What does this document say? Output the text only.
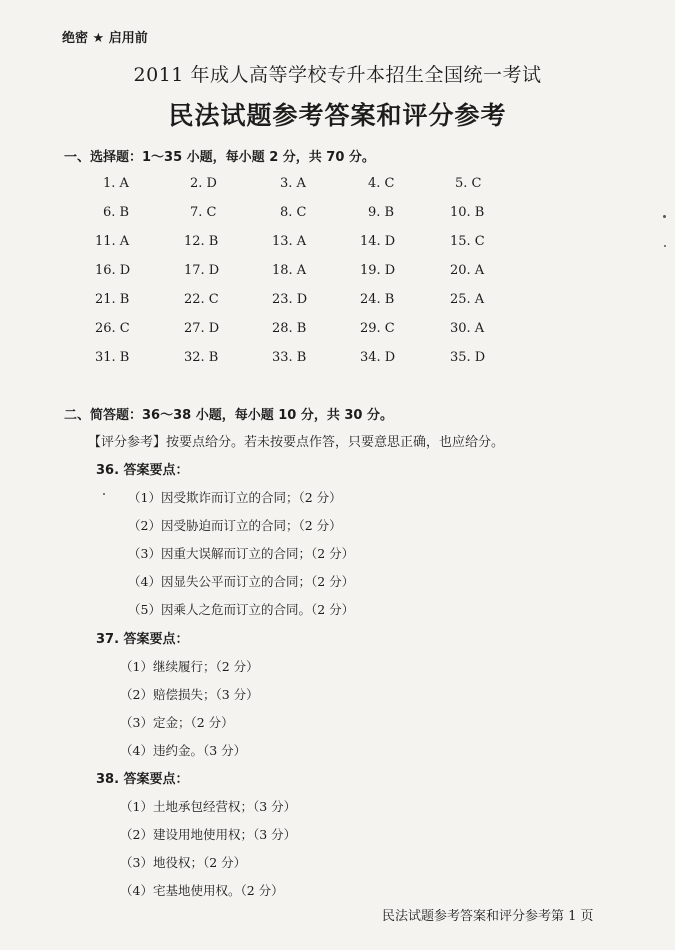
绝密 ★ 启用前
2011 年成人高等学校专升本招生全国统一考试
民法试题参考答案和评分参考
一、选择题：1～35 小题，每小题 2 分，共 70 分。
1. A	2. D	3. A	4. C	5. C
6. B	7. C	8. C	9. B	10. B
11. A	12. B	13. A	14. D	15. C
16. D	17. D	18. A	19. D	20. A
21. B	22. C	23. D	24. B	25. A
26. C	27. D	28. B	29. C	30. A
31. B	32. B	33. B	34. D	35. D
二、简答题：36～38 小题，每小题 10 分，共 30 分。
【评分参考】按要点给分。若未按要点作答，只要意思正确，也应给分。
36. 答案要点：
（1）因受欺诈而订立的合同；（2 分）
（2）因受胁迫而订立的合同；（2 分）
（3）因重大误解而订立的合同；（2 分）
（4）因显失公平而订立的合同；（2 分）
（5）因乘人之危而订立的合同。（2 分）
37. 答案要点：
（1）继续履行；（2 分）
（2）赔偿损失；（3 分）
（3）定金；（2 分）
（4）违约金。（3 分）
38. 答案要点：
（1）土地承包经营权；（3 分）
（2）建设用地使用权；（3 分）
（3）地役权；（2 分）
（4）宅基地使用权。（2 分）
民法试题参考答案和评分参考第 1 页
